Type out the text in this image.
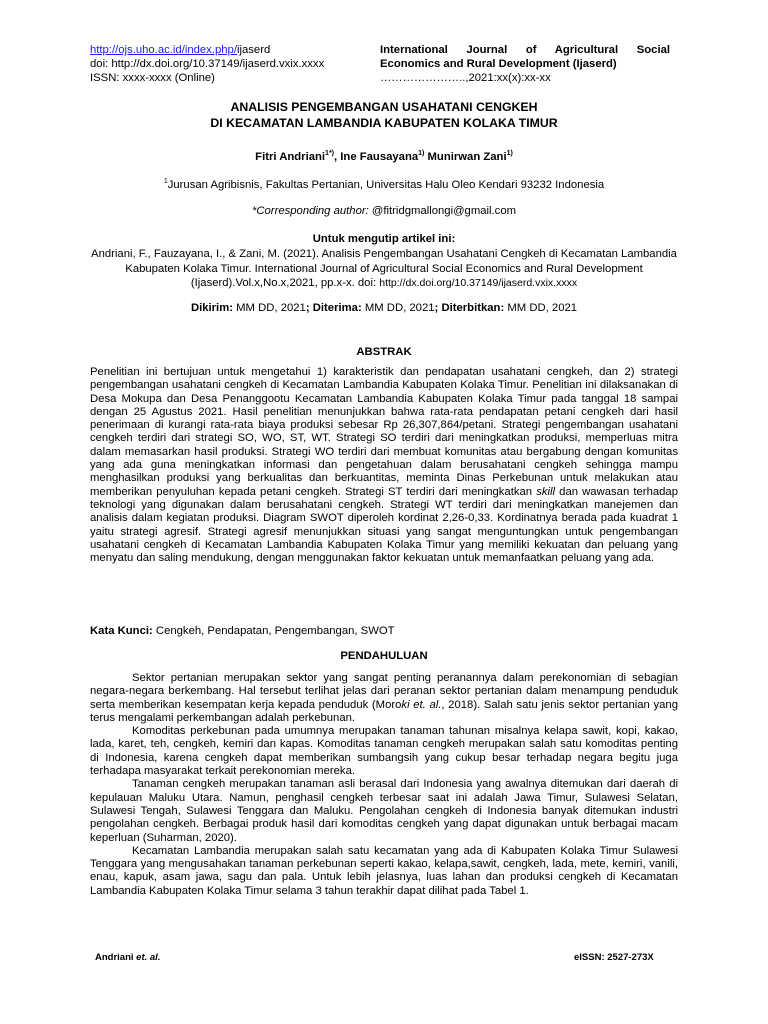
http://ojs.uho.ac.id/index.php/ijaserd
doi: http://dx.doi.org/10.37149/ijaserd.vxix.xxxx
ISSN: xxxx-xxxx (Online)
International Journal of Agricultural Social Economics and Rural Development (Ijaserd)
…………………..,2021:xx(x):xx-xx
ANALISIS PENGEMBANGAN USAHATANI CENGKEH
DI KECAMATAN LAMBANDIA KABUPATEN KOLAKA TIMUR
Fitri Andriani$^{1*)}$, Ine Fausayana$^{1)}$ Munirwan Zani$^{1)}$
$^1$Jurusan Agribisnis, Fakultas Pertanian, Universitas Halu Oleo Kendari 93232 Indonesia
*Corresponding author: @fitridgmallongi@gmail.com
Untuk mengutip artikel ini:
Andriani, F., Fauzayana, I., & Zani, M. (2021). Analisis Pengembangan Usahatani Cengkeh di Kecamatan Lambandia Kabupaten Kolaka Timur. International Journal of Agricultural Social Economics and Rural Development (Ijaserd).Vol.x,No.x,2021, pp.x-x. doi: http://dx.doi.org/10.37149/ijaserd.vxix.xxxx
Dikirim: MM DD, 2021; Diterima: MM DD, 2021; Diterbitkan: MM DD, 2021
ABSTRAK
Penelitian ini bertujuan untuk mengetahui 1) karakteristik dan pendapatan usahatani cengkeh, dan 2) strategi pengembangan usahatani cengkeh di Kecamatan Lambandia Kabupaten Kolaka Timur. Penelitian ini dilaksanakan di Desa Mokupa dan Desa Penanggootu Kecamatan Lambandia Kabupaten Kolaka Timur pada tanggal 18 sampai dengan 25 Agustus 2021. Hasil penelitian menunjukkan bahwa rata-rata pendapatan petani cengkeh dari hasil penerimaan di kurangi rata-rata biaya produksi sebesar Rp 26,307,864/petani. Strategi pengembangan usahatani cengkeh terdiri dari strategi SO, WO, ST, WT. Strategi SO terdiri dari meningkatkan produksi, memperluas mitra dalam memasarkan hasil produksi. Strategi WO terdiri dari membuat komunitas atau bergabung dengan komunitas yang ada guna meningkatkan informasi dan pengetahuan dalam berusahatani cengkeh sehingga mampu menghasilkan produksi yang berkualitas dan berkuantitas, meminta Dinas Perkebunan untuk melakukan atau memberikan penyuluhan kepada petani cengkeh. Strategi ST terdiri dari meningkatkan skill dan wawasan terhadap teknologi yang digunakan dalam berusahatani cengkeh. Strategi WT terdiri dari meningkatkan manejemen dan analisis dalam kegiatan produksi. Diagram SWOT diperoleh kordinat 2,26-0,33. Kordinatnya berada pada kuadrat 1 yaitu strategi agresif. Strategi agresif menunjukkan situasi yang sangat menguntungkan untuk pengembangan usahatani cengkeh di Kecamatan Lambandia Kabupaten Kolaka Timur yang memiliki kekuatan dan peluang yang menyatu dan saling mendukung, dengan menggunakan faktor kekuatan untuk memanfaatkan peluang yang ada.
Kata Kunci: Cengkeh, Pendapatan, Pengembangan, SWOT
PENDAHULUAN

Sektor pertanian merupakan sektor yang sangat penting peranannya dalam perekonomian di sebagian negara-negara berkembang. Hal tersebut terlihat jelas dari peranan sektor pertanian dalam menampung penduduk serta memberikan kesempatan kerja kepada penduduk (Moroki et. al., 2018). Salah satu jenis sektor pertanian yang terus mengalami perkembangan adalah perkebunan.

Komoditas perkebunan pada umumnya merupakan tanaman tahunan misalnya kelapa sawit, kopi, kakao, lada, karet, teh, cengkeh, kemiri dan kapas. Komoditas tanaman cengkeh merupakan salah satu komoditas penting di Indonesia, karena cengkeh dapat memberikan sumbangsih yang cukup besar terhadap negara begitu juga terhadapa masyarakat terkait perekonomian mereka.

Tanaman cengkeh merupakan tanaman asli berasal dari Indonesia yang awalnya ditemukan dari daerah di kepulauan Maluku Utara. Namun, penghasil cengkeh terbesar saat ini adalah Jawa Timur, Sulawesi Selatan, Sulawesi Tengah, Sulawesi Tenggara dan Maluku. Pengolahan cengkeh di Indonesia banyak ditemukan industri pengolahan cengkeh. Berbagai produk hasil dari komoditas cengkeh yang dapat digunakan untuk berbagai macam keperluan (Suharman, 2020).

Kecamatan Lambandia merupakan salah satu kecamatan yang ada di Kabupaten Kolaka Timur Sulawesi Tenggara yang mengusahakan tanaman perkebunan seperti kakao, kelapa,sawit, cengkeh, lada, mete, kemiri, vanili, enau, kapuk, asam jawa, sagu dan pala. Untuk lebih jelasnya, luas lahan dan produksi cengkeh di Kecamatan Lambandia Kabupaten Kolaka Timur selama 3 tahun terakhir dapat dilihat pada Tabel 1.

Andriani et. al.	eISSN: 2527-273X
